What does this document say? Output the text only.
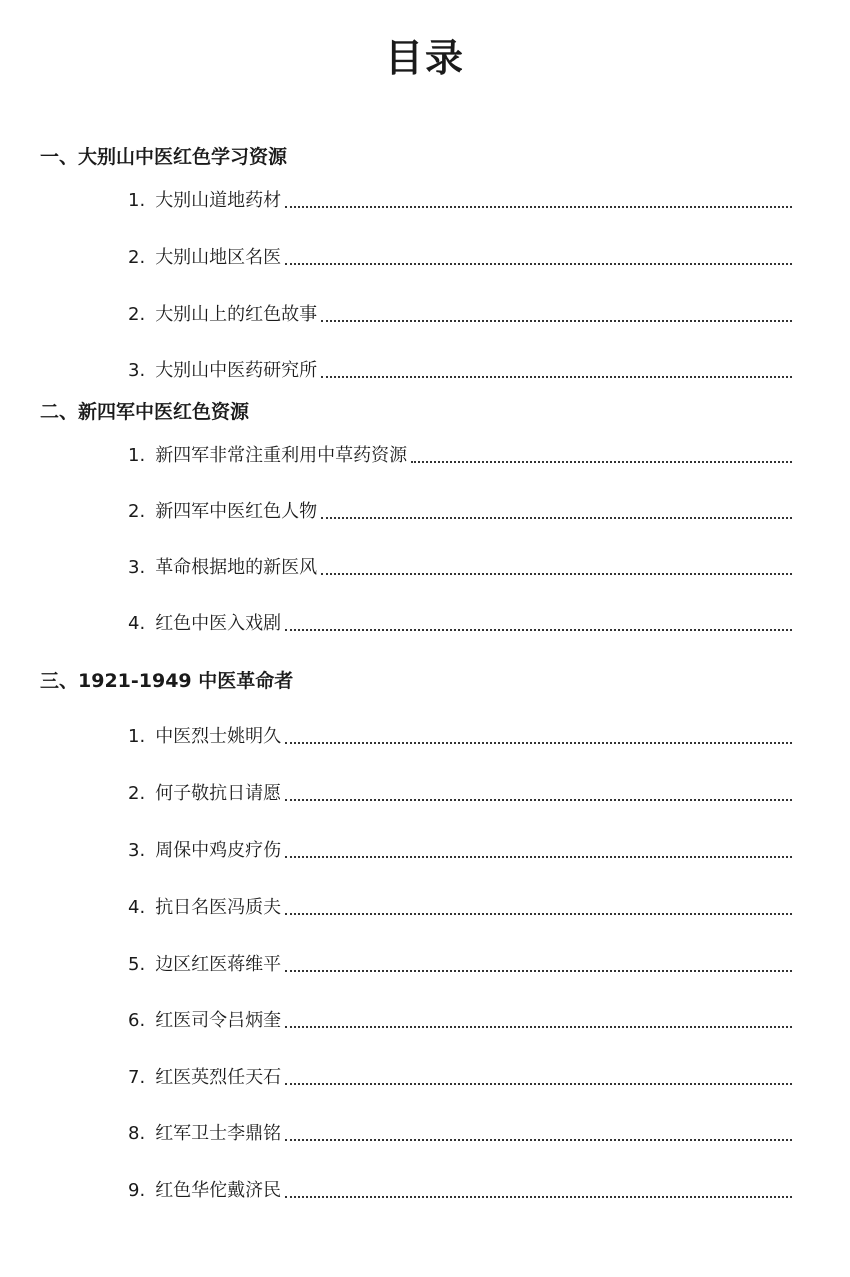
目录
一、大别山中医红色学习资源
1. 大别山道地药材
2. 大别山地区名医
2. 大别山上的红色故事
3. 大别山中医药研究所
二、新四军中医红色资源
1. 新四军非常注重利用中草药资源
2. 新四军中医红色人物
3. 革命根据地的新医风
4. 红色中医入戏剧
三、1921-1949 中医革命者
1. 中医烈士姚明久
2. 何子敬抗日请愿
3. 周保中鸡皮疗伤
4. 抗日名医冯质夫
5. 边区红医蒋维平
6. 红医司令吕炳奎
7. 红医英烈任天石
8. 红军卫士李鼎铭
9. 红色华佗戴济民
